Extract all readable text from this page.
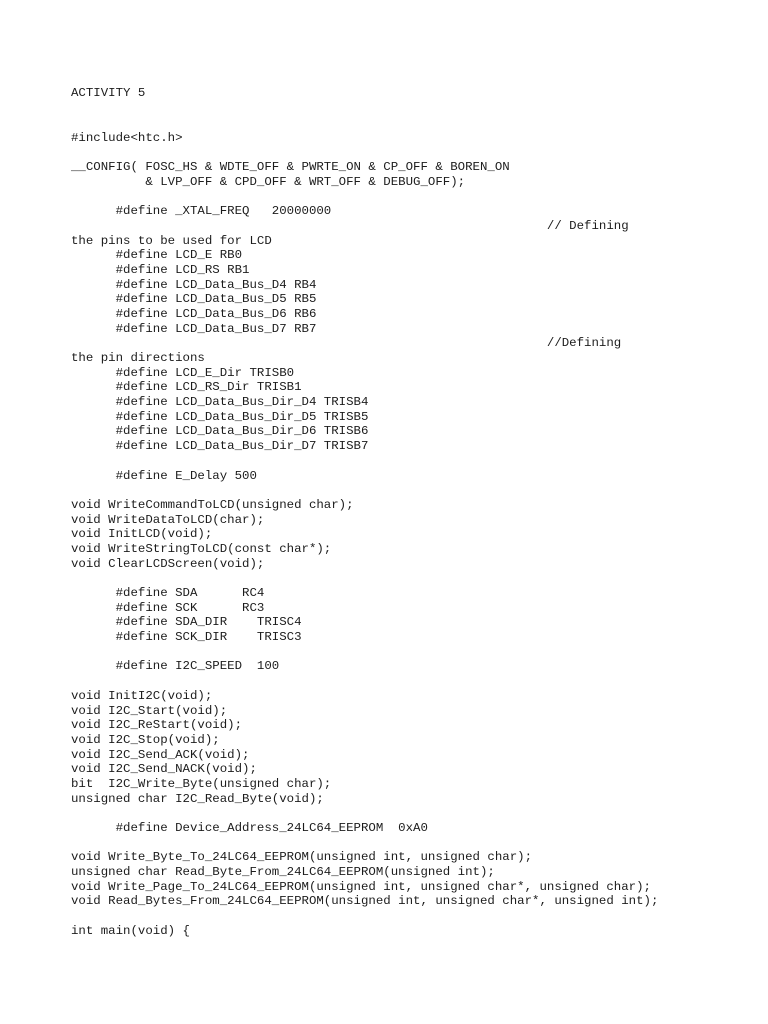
ACTIVITY 5
#include<htc.h>
__CONFIG( FOSC_HS & WDTE_OFF & PWRTE_ON & CP_OFF & BOREN_ON
& LVP_OFF & CPD_OFF & WRT_OFF & DEBUG_OFF);
#define _XTAL_FREQ   20000000
// Defining
the pins to be used for LCD
#define LCD_E RB0
#define LCD_RS RB1
#define LCD_Data_Bus_D4 RB4
#define LCD_Data_Bus_D5 RB5
#define LCD_Data_Bus_D6 RB6
#define LCD_Data_Bus_D7 RB7
//Defining
the pin directions
#define LCD_E_Dir TRISB0
#define LCD_RS_Dir TRISB1
#define LCD_Data_Bus_Dir_D4 TRISB4
#define LCD_Data_Bus_Dir_D5 TRISB5
#define LCD_Data_Bus_Dir_D6 TRISB6
#define LCD_Data_Bus_Dir_D7 TRISB7
#define E_Delay 500
void WriteCommandToLCD(unsigned char);
void WriteDataToLCD(char);
void InitLCD(void);
void WriteStringToLCD(const char*);
void ClearLCDScreen(void);
#define SDA      RC4
#define SCK      RC3
#define SDA_DIR    TRISC4
#define SCK_DIR    TRISC3
#define I2C_SPEED  100
void InitI2C(void);
void I2C_Start(void);
void I2C_ReStart(void);
void I2C_Stop(void);
void I2C_Send_ACK(void);
void I2C_Send_NACK(void);
bit  I2C_Write_Byte(unsigned char);
unsigned char I2C_Read_Byte(void);
#define Device_Address_24LC64_EEPROM  0xA0
void Write_Byte_To_24LC64_EEPROM(unsigned int, unsigned char);
unsigned char Read_Byte_From_24LC64_EEPROM(unsigned int);
void Write_Page_To_24LC64_EEPROM(unsigned int, unsigned char*, unsigned char);
void Read_Bytes_From_24LC64_EEPROM(unsigned int, unsigned char*, unsigned int);
int main(void) {
